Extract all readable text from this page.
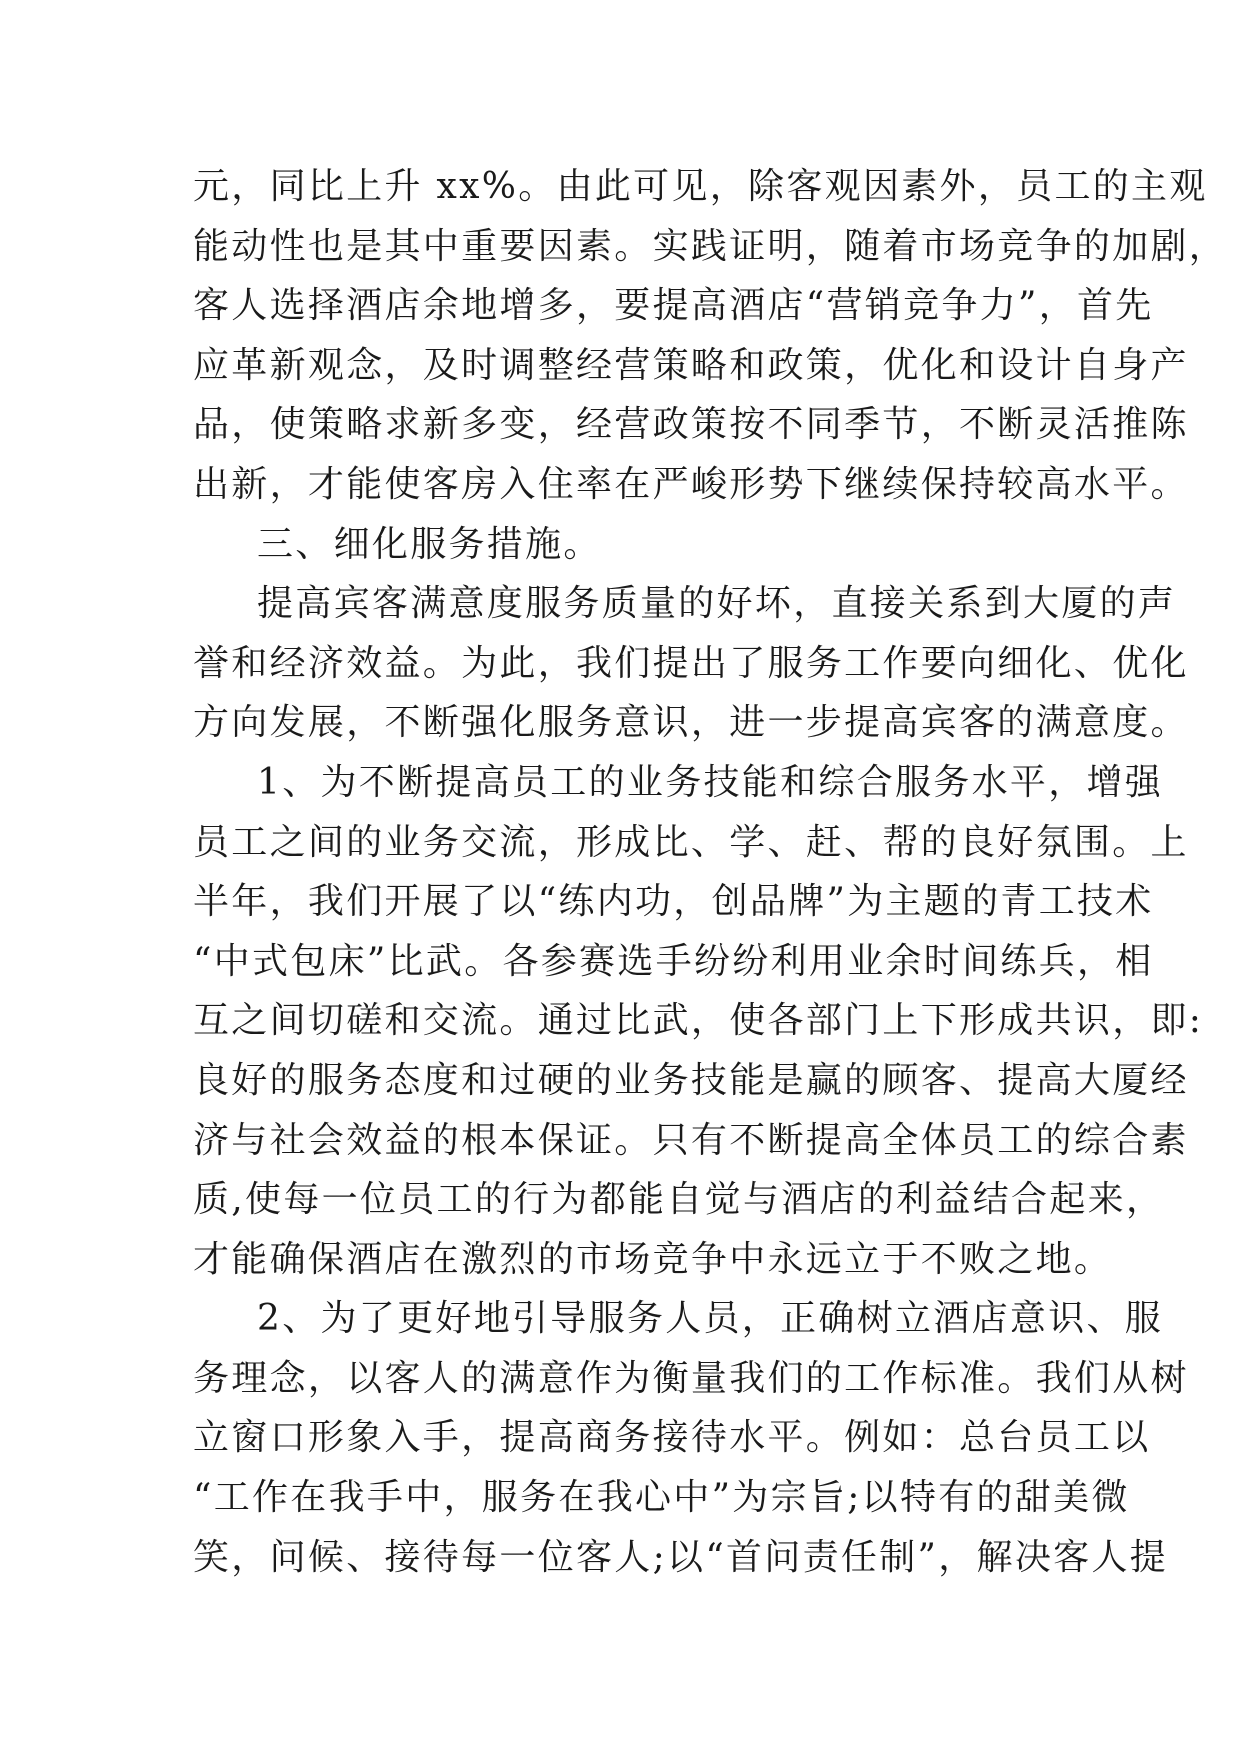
元，同比上升 xx%。由此可见，除客观因素外，员工的主观
能动性也是其中重要因素。实践证明，随着市场竞争的加剧，
客人选择酒店余地增多，要提高酒店“营销竞争力”，首先
应革新观念，及时调整经营策略和政策，优化和设计自身产
品，使策略求新多变，经营政策按不同季节，不断灵活推陈
出新，才能使客房入住率在严峻形势下继续保持较高水平。
三、细化服务措施。
提高宾客满意度服务质量的好坏，直接关系到大厦的声
誉和经济效益。为此，我们提出了服务工作要向细化、优化
方向发展，不断强化服务意识，进一步提高宾客的满意度。
1、为不断提高员工的业务技能和综合服务水平，增强
员工之间的业务交流，形成比、学、赶、帮的良好氛围。上
半年，我们开展了以“练内功，创品牌”为主题的青工技术
“中式包床”比武。各参赛选手纷纷利用业余时间练兵，相
互之间切磋和交流。通过比武，使各部门上下形成共识，即:
良好的服务态度和过硬的业务技能是赢的顾客、提高大厦经
济与社会效益的根本保证。只有不断提高全体员工的综合素
质,使每一位员工的行为都能自觉与酒店的利益结合起来，
才能确保酒店在激烈的市场竞争中永远立于不败之地。
2、为了更好地引导服务人员，正确树立酒店意识、服
务理念，以客人的满意作为衡量我们的工作标准。我们从树
立窗口形象入手，提高商务接待水平。例如：总台员工以
“工作在我手中，服务在我心中”为宗旨;以特有的甜美微
笑，问候、接待每一位客人;以“首问责任制”，解决客人提
